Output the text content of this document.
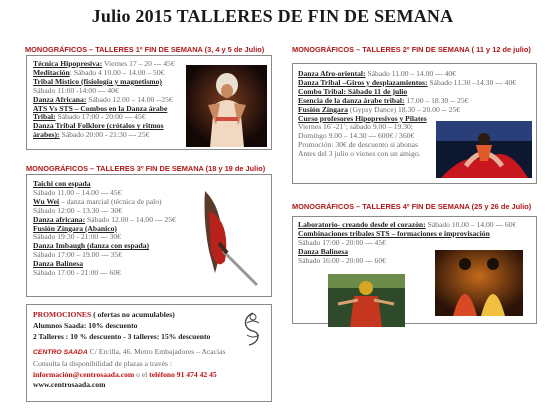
Julio 2015 TALLERES DE FIN DE SEMANA
MONOGRÁFICOS – TALLERES 1º FIN DE SEMANA (3, 4 y 5 de Julio)
Técnica Hipopresiva: Viernes 17 – 20 --- 45€
Meditación: Sábado 4 10.00 – 14.00 – 50€
Tribal Místico (fisiología y magnetismo)
Sábado 11:00 -14:00 --- 40€
Danza Africana: Sábado 12.00 – 14.00 --25€
ATS Vs STS – Combos en la Danza árabe
Tribal: Sábado 17:00 - 20:00 --- 45€
Danza Tribal Folklore (crótalos y ritmos
árabes): Sábado 20:00 - 21:30 --- 25€
MONOGRÁFICOS – TALLERES 2º FIN DE SEMANA ( 11 y 12 de julio)
Danza Afro-oriental: Sábado 11.00 – 14.00 --- 40€
Danza Tribal –Giros y desplazamientos: Sábado 11.30 –14.30 --- 40€
Combo Tribal: Sábado 11 de julio
Esencia de la danza árabe tribal: 17.00 – 18.30 -- 25€
Fusión Zíngara (Gypsy Dance) 18.30 – 20.00 -- 25€
Curso profesores Hipopresivos y Pilates
Viernes 16´-21´; sábado 9.00 – 19.30;
Domingo 9.00 – 14.30 --- 600€ / 360€
Promoción: 30€ de descuento si abonas
Antes del 3 julio o vienes con un amigo.
MONOGRÁFICOS – TALLERES 3º FIN DE SEMANA (18 y 19 de Julio)
Taichi con espada
Sábado 11.00 – 14.00 --- 45€
Wu Wei – danza marcial (técnica de palo)
Sábado 12:00 – 13.30 --- 30€
Danza africana: Sábado 12.00 – 14.00 --- 25€
Fusión Zíngara (Abanico)
Sábado 19:30 - 21:00 --- 30€
Danza Imbaugh (danza con espada)
Sábado 17:00 – 19.00 --- 35€
Danza Balinesa
Sábado 17:00 - 21:00 --- 60€
MONOGRÁFICOS – TALLERES 4º FIN DE SEMANA (25 y 26 de Julio)
Laboratorio- creando desde el corazón: Sábado 10.00 – 14.00 --- 60€
Combinaciones tribales STS – formaciones e improvisación
Sábado 17:00 - 20:00 --- 45€
Danza Balinesa
Sábado 16:00 - 20:00 --- 60€
PROMOCIONES ( ofertas no acumulables)
Alumnos Saada: 10% descuento
2 Talleres : 10 % descuento - 3 talleres: 15% descuento
CENTRO SAADA C/ Ercilla, 46. Metro Embajadores – Acacias
Consulta la disponibilidad de plazas a través :
información@centrosaada.com o el teléfono 91 474 42 45
www.centrosaada.com
